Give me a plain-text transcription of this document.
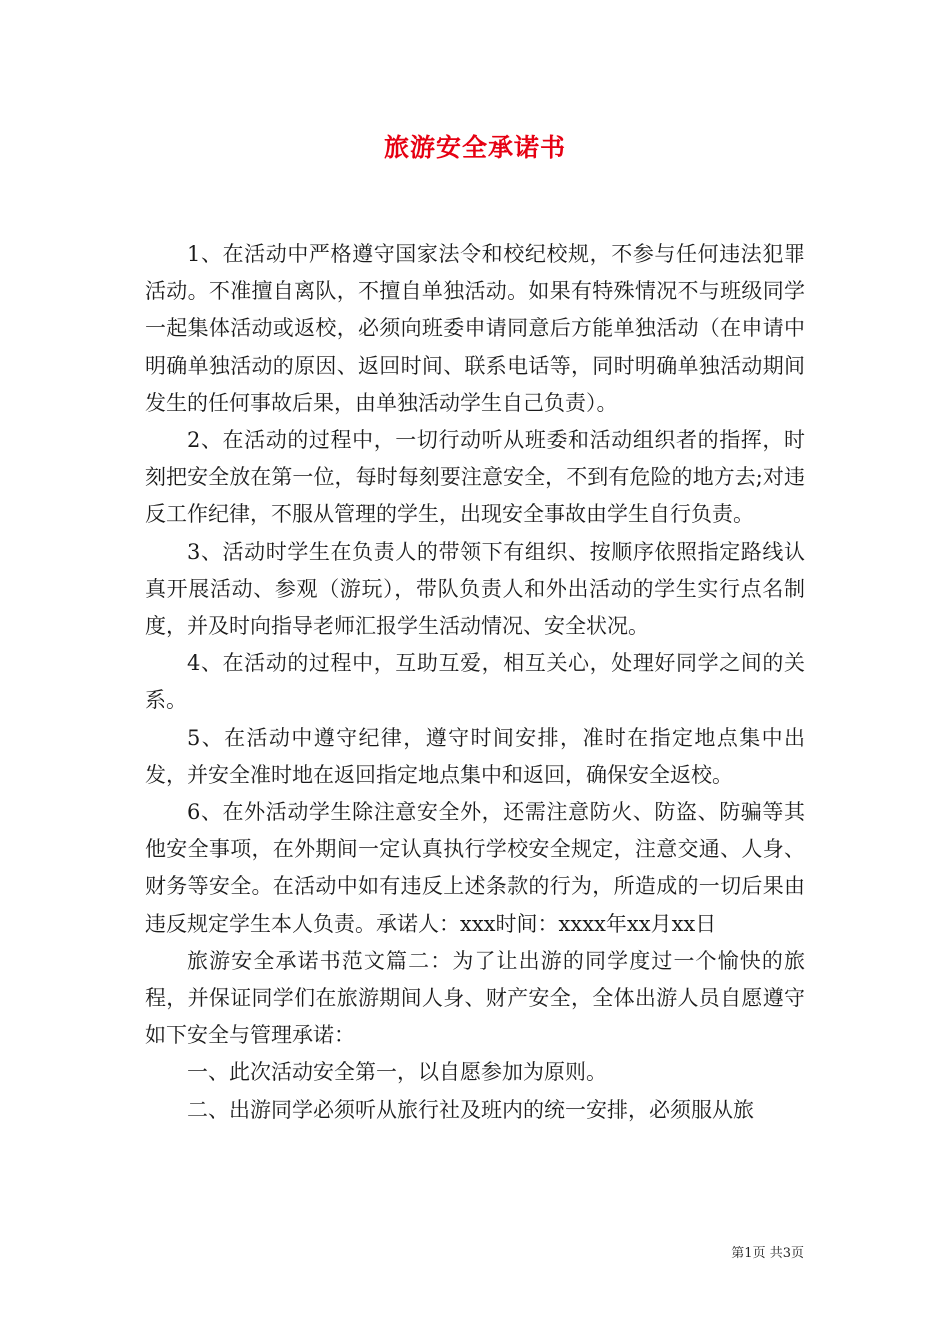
旅游安全承诺书

1、在活动中严格遵守国家法令和校纪校规，不参与任何违法犯罪活动。不准擅自离队，不擅自单独活动。如果有特殊情况不与班级同学一起集体活动或返校，必须向班委申请同意后方能单独活动（在申请中明确单独活动的原因、返回时间、联系电话等，同时明确单独活动期间发生的任何事故后果，由单独活动学生自己负责）。

2、在活动的过程中，一切行动听从班委和活动组织者的指挥，时刻把安全放在第一位，每时每刻要注意安全，不到有危险的地方去;对违反工作纪律，不服从管理的学生，出现安全事故由学生自行负责。

3、活动时学生在负责人的带领下有组织、按顺序依照指定路线认真开展活动、参观（游玩），带队负责人和外出活动的学生实行点名制度，并及时向指导老师汇报学生活动情况、安全状况。

4、在活动的过程中，互助互爱，相互关心，处理好同学之间的关系。

5、在活动中遵守纪律，遵守时间安排，准时在指定地点集中出发，并安全准时地在返回指定地点集中和返回，确保安全返校。

6、在外活动学生除注意安全外，还需注意防火、防盗、防骗等其他安全事项，在外期间一定认真执行学校安全规定，注意交通、人身、财务等安全。在活动中如有违反上述条款的行为，所造成的一切后果由违反规定学生本人负责。承诺人：xxx时间：xxxx年xx月xx日

旅游安全承诺书范文篇二：为了让出游的同学度过一个愉快的旅程，并保证同学们在旅游期间人身、财产安全，全体出游人员自愿遵守如下安全与管理承诺：

一、此次活动安全第一，以自愿参加为原则。

二、出游同学必须听从旅行社及班内的统一安排，必须服从旅

第1页 共3页
